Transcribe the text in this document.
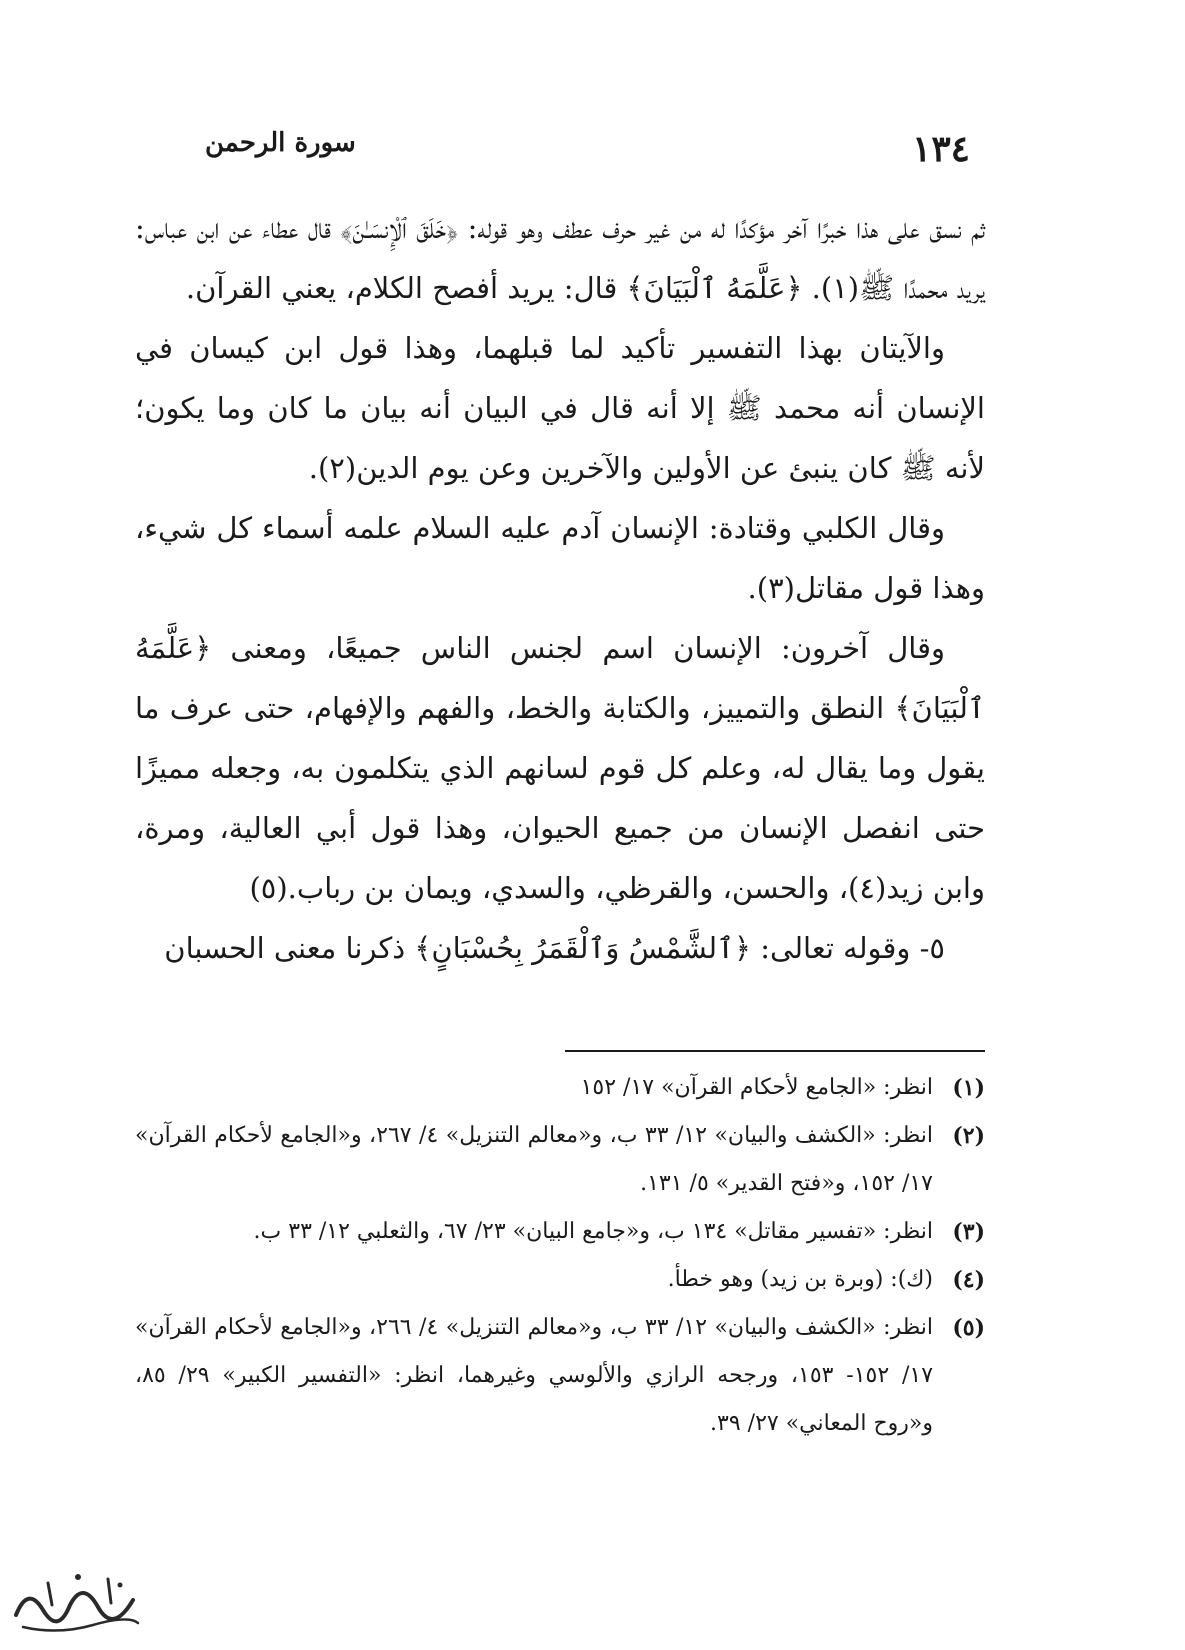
١٣٤
سورة الرحمن

ثم نسق على هذا خبرًا آخر مؤكدًا له من غير حرف عطف وهو قوله: ﴿خَلَقَ ٱلْإِنسَـٰنَ﴾ قال عطاء عن ابن عباس: يريد محمدًا ﷺ(١). ﴿عَلَّمَهُ ٱلْبَيَانَ﴾ قال: يريد أفصح الكلام، يعني القرآن.

والآيتان بهذا التفسير تأكيد لما قبلهما، وهذا قول ابن كيسان في الإنسان أنه محمد ﷺ إلا أنه قال في البيان أنه بيان ما كان وما يكون؛ لأنه ﷺ كان ينبئ عن الأولين والآخرين وعن يوم الدين(٢).

وقال الكلبي وقتادة: الإنسان آدم عليه السلام علمه أسماء كل شيء، وهذا قول مقاتل(٣).

وقال آخرون: الإنسان اسم لجنس الناس جميعًا، ومعنى ﴿عَلَّمَهُ ٱلْبَيَانَ﴾ النطق والتمييز، والكتابة والخط، والفهم والإفهام، حتى عرف ما يقول وما يقال له، وعلم كل قوم لسانهم الذي يتكلمون به، وجعله مميزًا حتى انفصل الإنسان من جميع الحيوان، وهذا قول أبي العالية، ومرة، وابن زيد(٤)، والحسن، والقرظي، والسدي، ويمان بن رباب.(٥)

٥- وقوله تعالى: ﴿ٱلشَّمْسُ وَٱلْقَمَرُ بِحُسْبَانٍ﴾ ذكرنا معنى الحسبان

(١)
انظر: «الجامع لأحكام القرآن» ١٧/ ١٥٢
(٢)
انظر: «الكشف والبيان» ١٢/ ٣٣ ب، و«معالم التنزيل» ٤/ ٢٦٧، و«الجامع لأحكام القرآن» ١٧/ ١٥٢، و«فتح القدير» ٥/ ١٣١.
(٣)
انظر: «تفسير مقاتل» ١٣٤ ب، و«جامع البيان» ٢٣/ ٦٧، والثعلبي ١٢/ ٣٣ ب.
(٤)
(ك): (وبرة بن زيد) وهو خطأ.
(٥)
انظر: «الكشف والبيان» ١٢/ ٣٣ ب، و«معالم التنزيل» ٤/ ٢٦٦، و«الجامع لأحكام القرآن» ١٧/ ١٥٢- ١٥٣، ورجحه الرازي والألوسي وغيرهما، انظر: «التفسير الكبير» ٢٩/ ٨٥، و«روح المعاني» ٢٧/ ٣٩.
